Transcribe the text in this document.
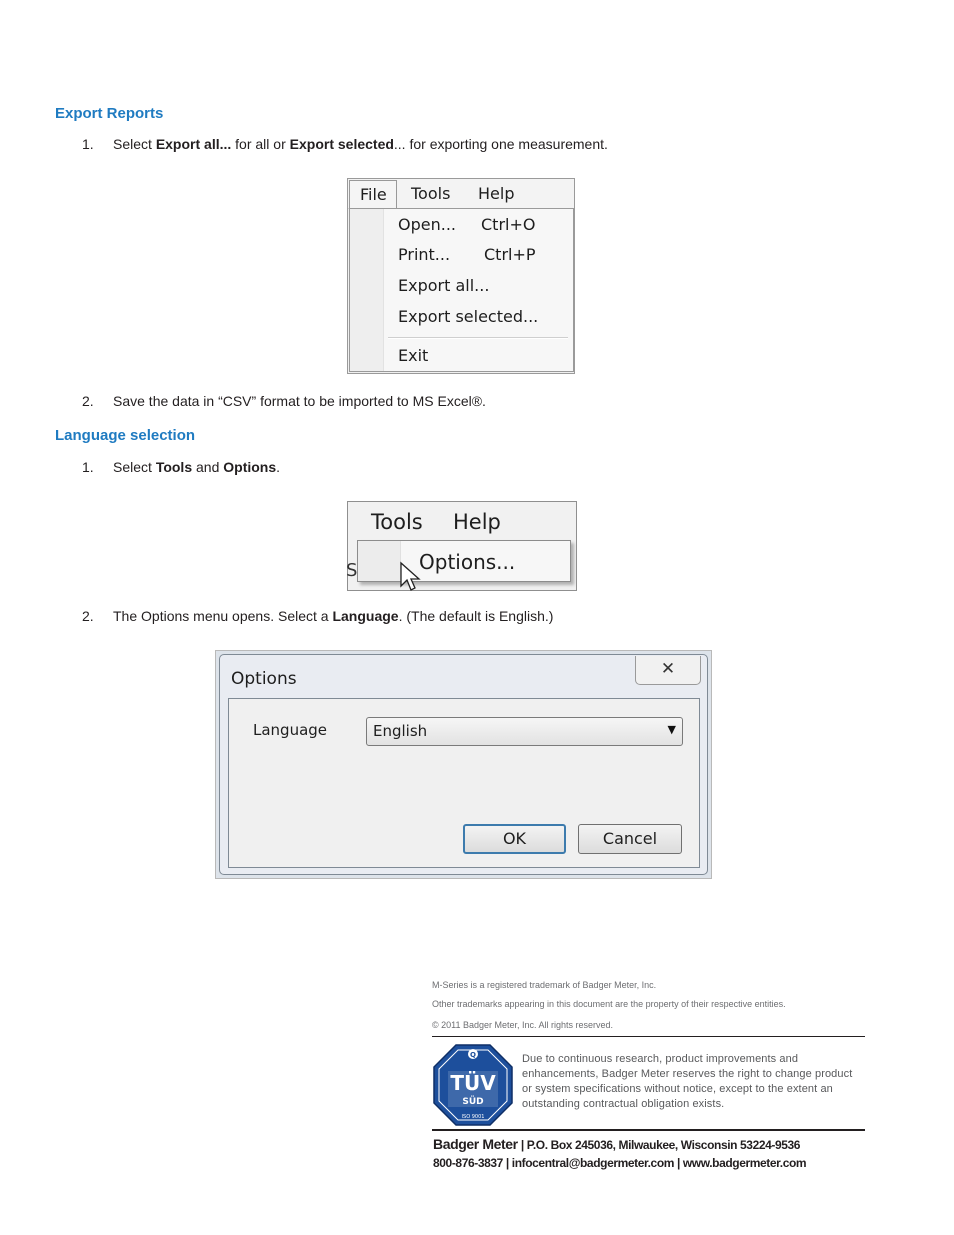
Export Reports
1. Select Export all... for all or Export selected... for exporting one measurement.
Tools Help
File
Open... Ctrl+O
Print... Ctrl+P
Export all...
Export selected...
Exit
2. Save the data in “CSV” format to be imported to MS Excel®.
Language selection
1. Select Tools and Options.
Tools Help
S	Options...
2. The Options menu opens. Select a Language. (The default is English.)
Options	✕
Language	English	▼
OK	Cancel
M-Series is a registered trademark of Badger Meter, Inc.
Other trademarks appearing in this document are the property of their respective entities.
© 2011 Badger Meter, Inc. All rights reserved.
Q
TÜV
SÜD
ISO 9001
Due to continuous research, product improvements and enhancements, Badger Meter reserves the right to change product or system specifications without notice, except to the extent an outstanding contractual obligation exists.
Badger Meter | P.O. Box 245036, Milwaukee, Wisconsin 53224-9536
800-876-3837 | infocentral@badgermeter.com | www.badgermeter.com
